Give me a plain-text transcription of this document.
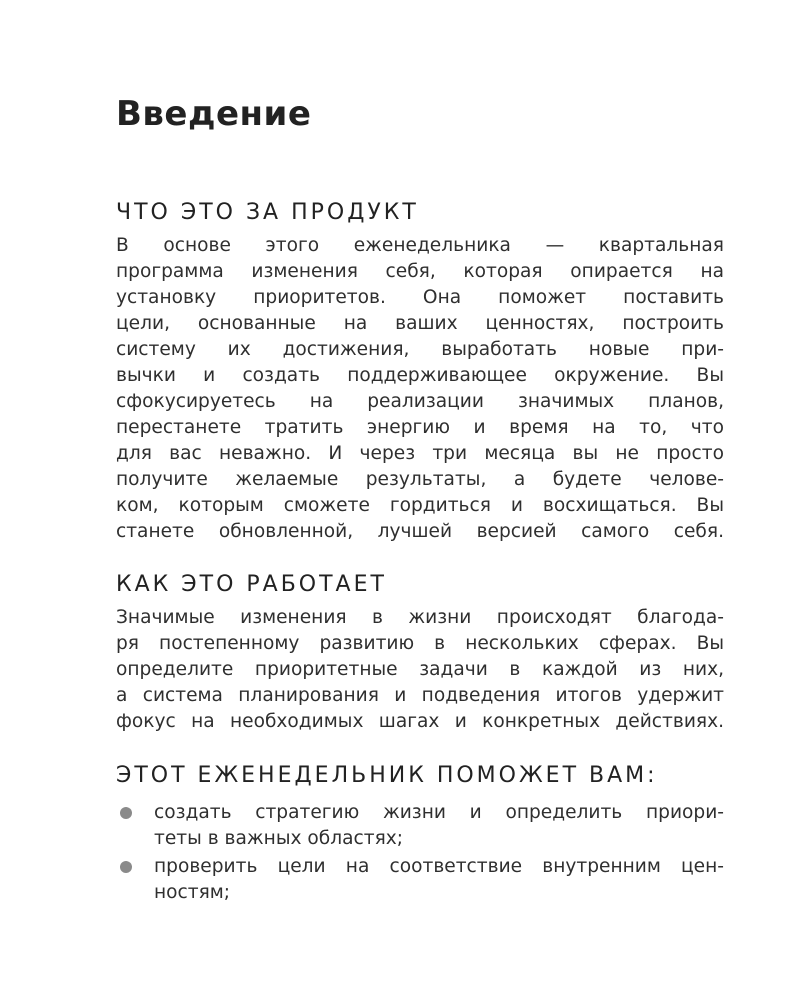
Введение
ЧТО ЭТО ЗА ПРОДУКТ
В основе этого еженедельника — квартальная
программа изменения себя, которая опирается на
установку приоритетов. Она поможет поставить
цели, основанные на ваших ценностях, построить
систему их достижения, выработать новые при-
вычки и создать поддерживающее окружение. Вы
сфокусируетесь на реализации значимых планов,
перестанете тратить энергию и время на то, что
для вас неважно. И через три месяца вы не просто
получите желаемые результаты, а будете челове-
ком, которым сможете гордиться и восхищаться. Вы
станете обновленной, лучшей версией самого себя.
КАК ЭТО РАБОТАЕТ
Значимые изменения в жизни происходят благода-
ря постепенному развитию в нескольких сферах. Вы
определите приоритетные задачи в каждой из них,
а система планирования и подведения итогов удержит
фокус на необходимых шагах и конкретных действиях.
ЭТОТ ЕЖЕНЕДЕЛЬНИК ПОМОЖЕТ ВАМ:
создать стратегию жизни и определить приори-
теты в важных областях;
проверить цели на соответствие внутренним цен-
ностям;
